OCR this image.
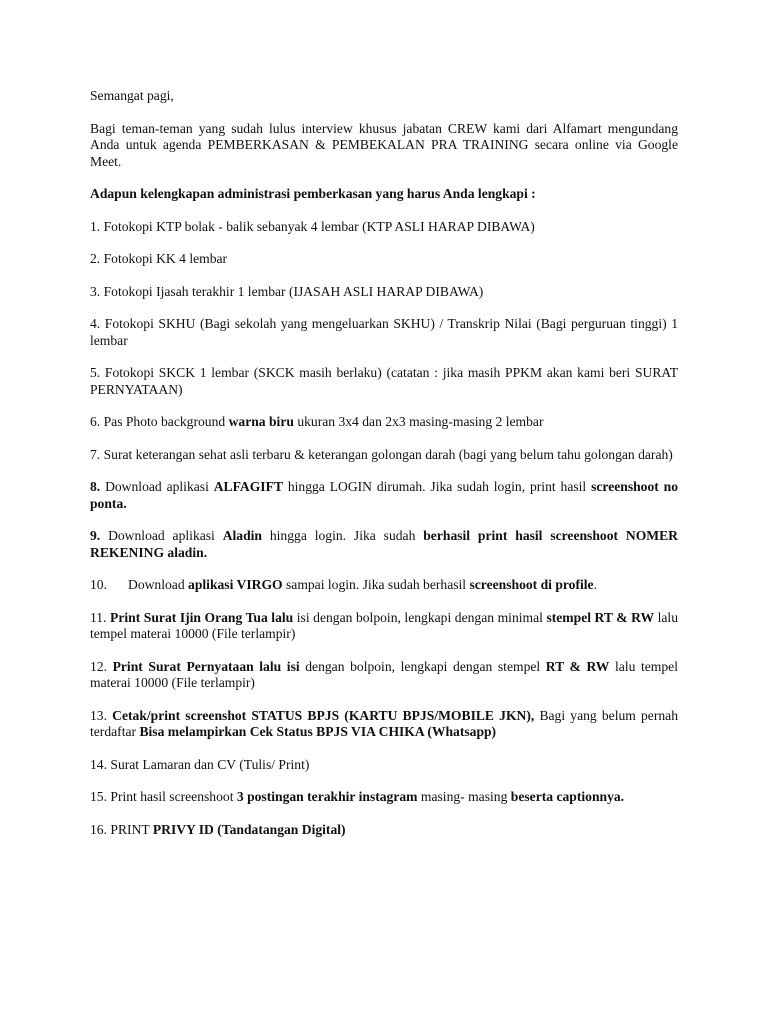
Semangat pagi,

Bagi teman-teman yang sudah lulus interview khusus jabatan CREW kami dari Alfamart mengundang Anda untuk agenda PEMBERKASAN & PEMBEKALAN PRA TRAINING secara online via Google Meet.

Adapun kelengkapan administrasi pemberkasan yang harus Anda lengkapi :

1. Fotokopi KTP bolak - balik sebanyak 4 lembar (KTP ASLI HARAP DIBAWA)

2. Fotokopi KK 4 lembar

3. Fotokopi Ijasah terakhir 1 lembar (IJASAH ASLI HARAP DIBAWA)

4. Fotokopi SKHU (Bagi sekolah yang mengeluarkan SKHU) / Transkrip Nilai (Bagi perguruan tinggi) 1 lembar

5. Fotokopi SKCK 1 lembar (SKCK masih berlaku) (catatan : jika masih PPKM akan kami beri SURAT PERNYATAAN)

6. Pas Photo background warna biru ukuran 3x4 dan 2x3 masing-masing 2 lembar

7. Surat keterangan sehat asli terbaru & keterangan golongan darah (bagi yang belum tahu golongan darah)

8. Download aplikasi ALFAGIFT hingga LOGIN dirumah. Jika sudah login, print hasil screenshoot no ponta.

9. Download aplikasi Aladin hingga login. Jika sudah berhasil print hasil screenshoot NOMER REKENING aladin.

10. Download aplikasi VIRGO sampai login. Jika sudah berhasil screenshoot di profile.

11. Print Surat Ijin Orang Tua lalu isi dengan bolpoin, lengkapi dengan minimal stempel RT & RW lalu tempel materai 10000 (File terlampir)

12. Print Surat Pernyataan lalu isi dengan bolpoin, lengkapi dengan stempel RT & RW lalu tempel materai 10000 (File terlampir)

13. Cetak/print screenshot STATUS BPJS (KARTU BPJS/MOBILE JKN), Bagi yang belum pernah terdaftar Bisa melampirkan Cek Status BPJS VIA CHIKA (Whatsapp)

14. Surat Lamaran dan CV (Tulis/ Print)

15. Print hasil screenshoot 3 postingan terakhir instagram masing- masing beserta captionnya.

16. PRINT PRIVY ID (Tandatangan Digital)
